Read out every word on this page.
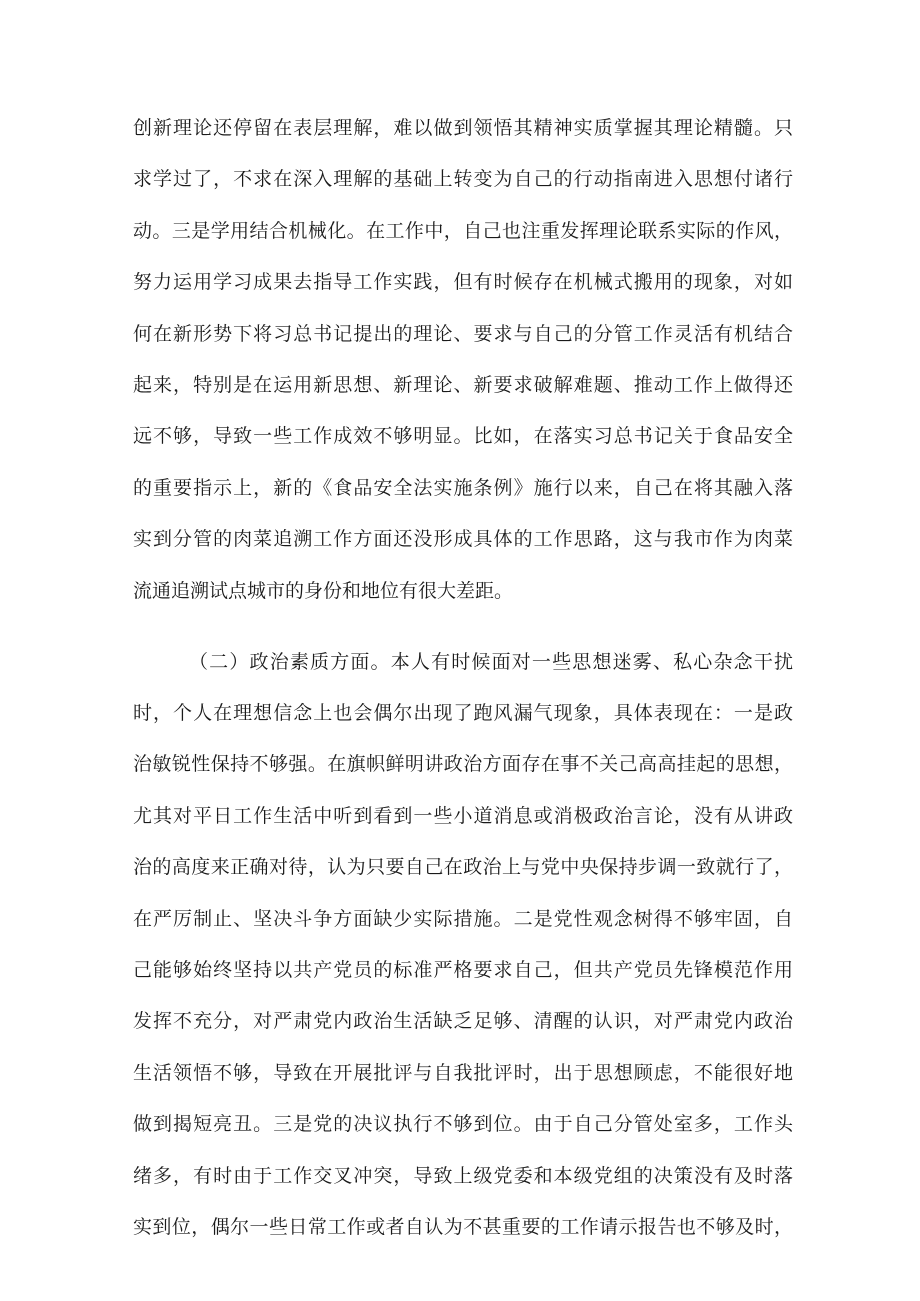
创新理论还停留在表层理解，难以做到领悟其精神实质掌握其理论精髓。只
求学过了，不求在深入理解的基础上转变为自己的行动指南进入思想付诸行
动。三是学用结合机械化。在工作中，自己也注重发挥理论联系实际的作风，
努力运用学习成果去指导工作实践，但有时候存在机械式搬用的现象，对如
何在新形势下将习总书记提出的理论、要求与自己的分管工作灵活有机结合
起来，特别是在运用新思想、新理论、新要求破解难题、推动工作上做得还
远不够，导致一些工作成效不够明显。比如，在落实习总书记关于食品安全
的重要指示上，新的《食品安全法实施条例》施行以来，自己在将其融入落
实到分管的肉菜追溯工作方面还没形成具体的工作思路，这与我市作为肉菜
流通追溯试点城市的身份和地位有很大差距。
（二）政治素质方面。本人有时候面对一些思想迷雾、私心杂念干扰
时，个人在理想信念上也会偶尔出现了跑风漏气现象，具体表现在：一是政
治敏锐性保持不够强。在旗帜鲜明讲政治方面存在事不关己高高挂起的思想，
尤其对平日工作生活中听到看到一些小道消息或消极政治言论，没有从讲政
治的高度来正确对待，认为只要自己在政治上与党中央保持步调一致就行了，
在严厉制止、坚决斗争方面缺少实际措施。二是党性观念树得不够牢固，自
己能够始终坚持以共产党员的标准严格要求自己，但共产党员先锋模范作用
发挥不充分，对严肃党内政治生活缺乏足够、清醒的认识，对严肃党内政治
生活领悟不够，导致在开展批评与自我批评时，出于思想顾虑，不能很好地
做到揭短亮丑。三是党的决议执行不够到位。由于自己分管处室多，工作头
绪多，有时由于工作交叉冲突，导致上级党委和本级党组的决策没有及时落
实到位，偶尔一些日常工作或者自认为不甚重要的工作请示报告也不够及时，
